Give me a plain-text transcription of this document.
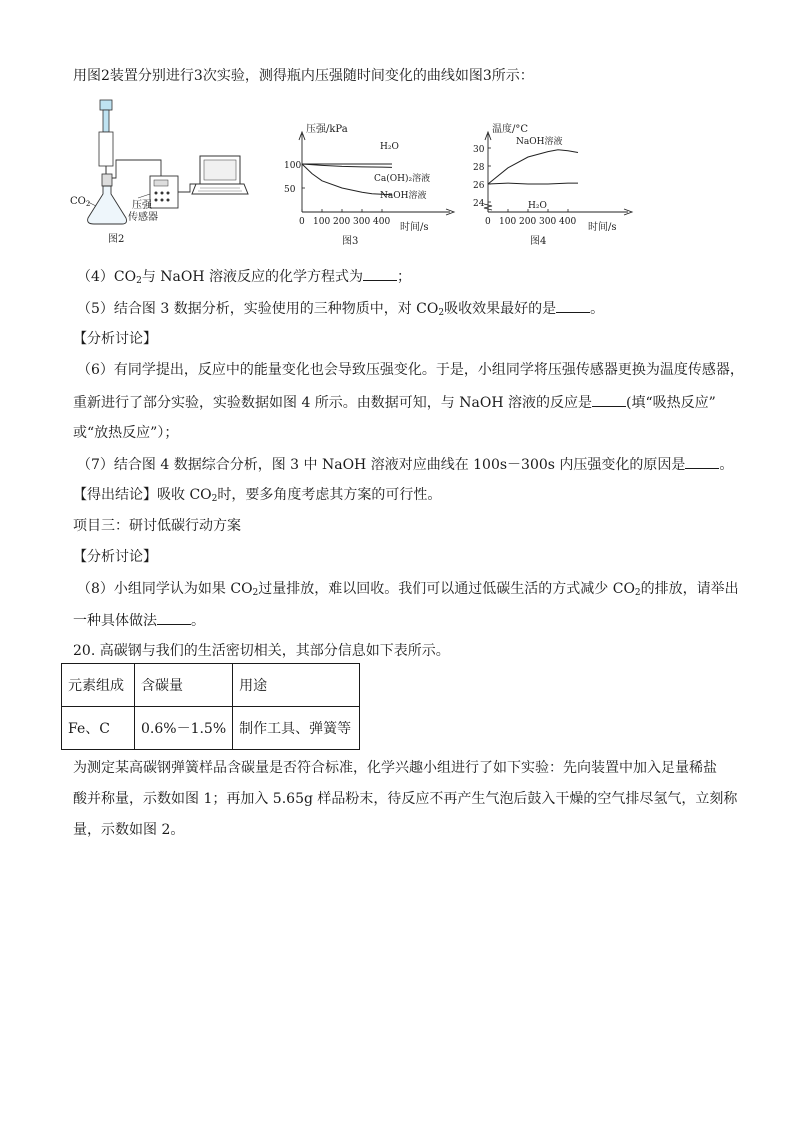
用图2装置分别进行3次实验，测得瓶内压强随时间变化的曲线如图3所示：
$CO_2$	压强
传感器
图2
100
50
0 100 200 300 400
H₂O
Ca(OH)₂溶液
NaOH溶液
压强/kPa
时间/s
图3
30
28
26
24
0 100 200 300 400
NaOH溶液
H₂O
温度/°C
时间/s
图4
$(4)CO_2$与 NaOH 溶液反应的化学方程式为 ；
（5）结合图 3 数据分析，实验使用的三种物质中，对 $CO_2$吸收效果最好的是 。
【分析讨论】
（6）有同学提出，反应中的能量变化也会导致压强变化。于是，小组同学将压强传感器更换为温度传感器，
重新进行了部分实验，实验数据如图 4 所示。由数据可知，与 NaOH 溶液的反应是 (填“吸热反应”
或“放热反应”）；
（7）结合图 4 数据综合分析，图 3 中 NaOH 溶液对应曲线在 100s－300s 内压强变化的原因是 。
【得出结论】吸收 $CO_2$时，要多角度考虑其方案的可行性。
项目三：研讨低碳行动方案
【分析讨论】
（8）小组同学认为如果 $CO_2$过量排放，难以回收。我们可以通过低碳生活的方式减少 $CO_2$的排放，请举出
一种具体做法 。
20. 高碳钢与我们的生活密切相关，其部分信息如下表所示。
元素组成	含碳量	用途
Fe、C	0.6%－1.5%	制作工具、弹簧等
为测定某高碳钢弹簧样品含碳量是否符合标准，化学兴趣小组进行了如下实验：先向装置中加入足量稀盐
酸并称量，示数如图 1；再加入 5.65g 样品粉末，待反应不再产生气泡后鼓入干燥的空气排尽氢气，立刻称
量，示数如图 2。
